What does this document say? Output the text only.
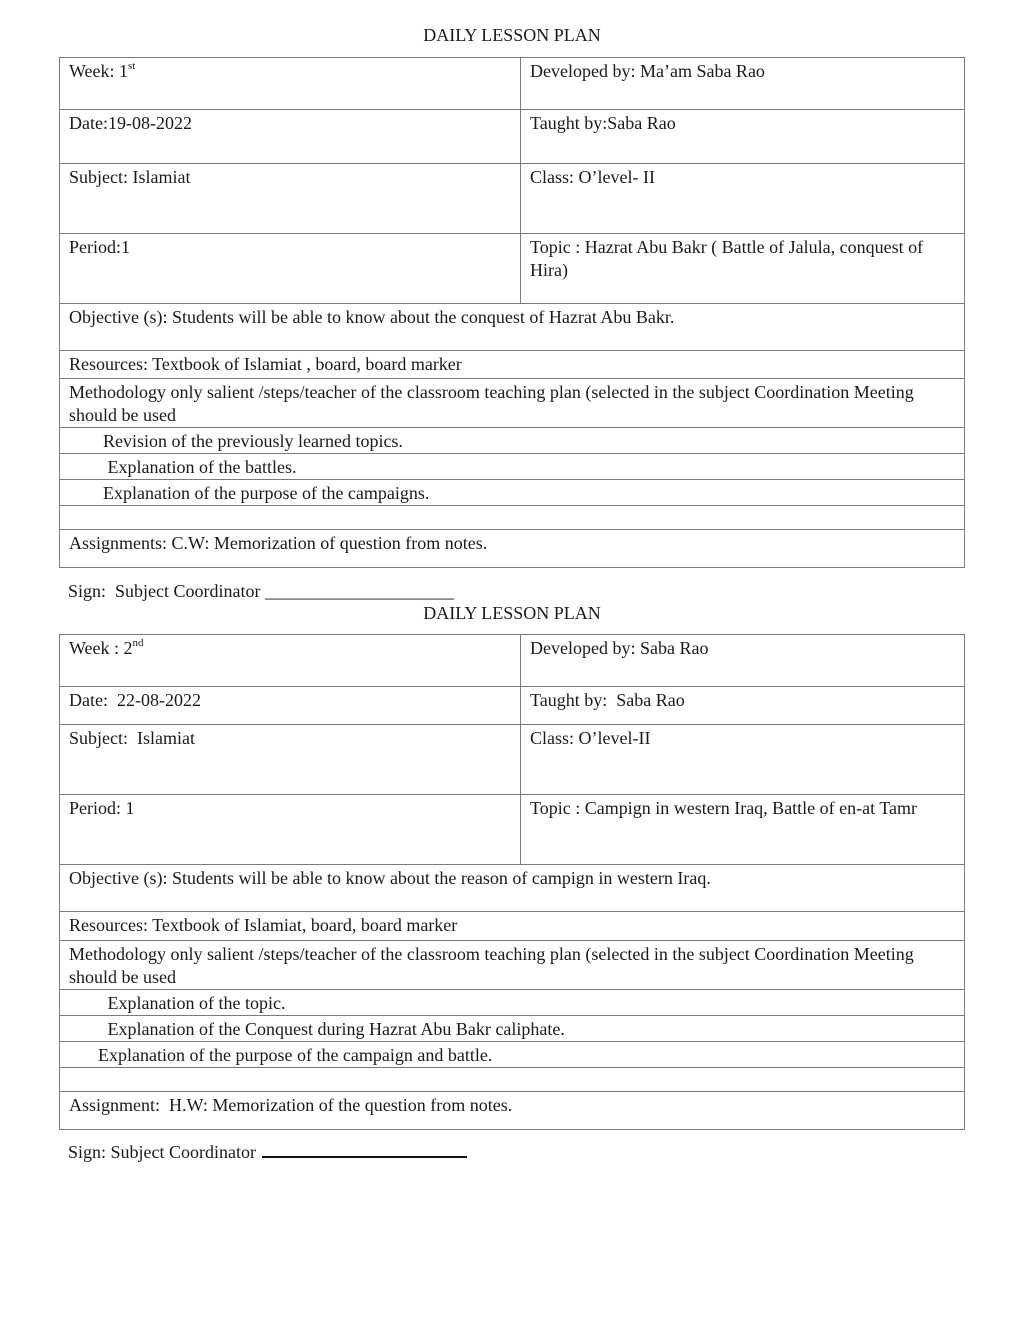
DAILY LESSON PLAN
Week: 1st	Developed by: Ma’am Saba Rao
Date:19-08-2022	Taught by:Saba Rao
Subject: Islamiat	Class: O’level- II
Period:1	Topic : Hazrat Abu Bakr ( Battle of Jalula, conquest of Hira)
Objective (s): Students will be able to know about the conquest of Hazrat Abu Bakr.	
Resources: Textbook of Islamiat , board, board marker	
Methodology only salient /steps/teacher of the classroom teaching plan (selected in the subject Coordination Meeting should be used	
Revision of the previously learned topics.	
Explanation of the battles.	
Explanation of the purpose of the campaigns.	

Assignments: C.W: Memorization of question from notes.	
Sign:  Subject Coordinator _____________________
DAILY LESSON PLAN
Week : 2nd	Developed by: Saba Rao
Date:  22-08-2022	Taught by:  Saba Rao
Subject:  Islamiat	Class: O’level-II
Period: 1	Topic : Campign in western Iraq, Battle of en-at Tamr
Objective (s): Students will be able to know about the reason of campign in western Iraq.	
Resources: Textbook of Islamiat, board, board marker	
Methodology only salient /steps/teacher of the classroom teaching plan (selected in the subject Coordination Meeting should be used	
Explanation of the topic.	
Explanation of the Conquest during Hazrat Abu Bakr caliphate.	
Explanation of the purpose of the campaign and battle.	

Assignment:  H.W: Memorization of the question from notes.	
Sign: Subject Coordinator
